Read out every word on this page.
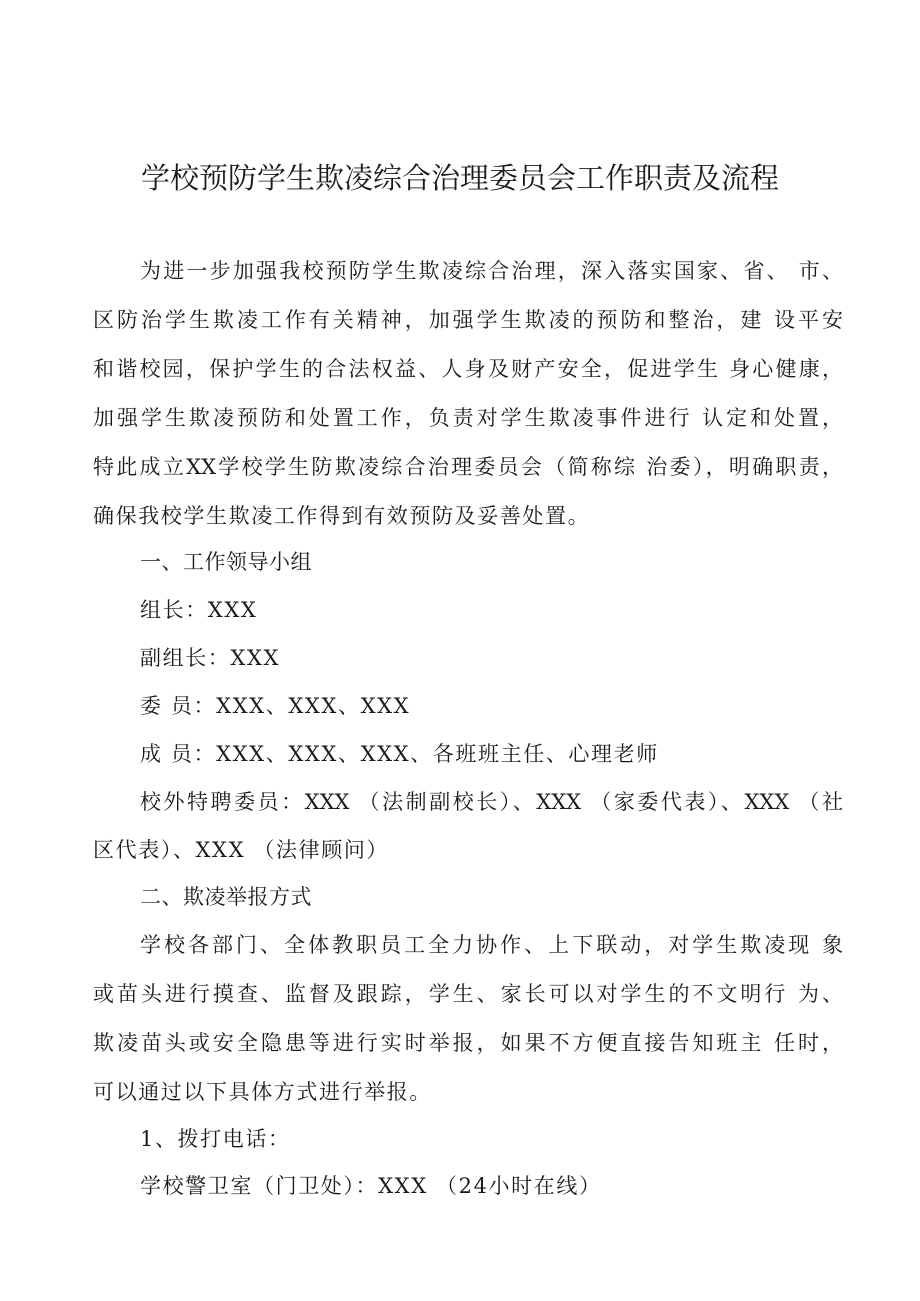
学校预防学生欺凌综合治理委员会工作职责及流程
为进一步加强我校预防学生欺凌综合治理，深入落实国家、省、 市、
区防治学生欺凌工作有关精神，加强学生欺凌的预防和整治，建 设平安
和谐校园，保护学生的合法权益、人身及财产安全，促进学生 身心健康，
加强学生欺凌预防和处置工作，负责对学生欺凌事件进行 认定和处置，
特此成立XX学校学生防欺凌综合治理委员会（简称综 治委），明确职责，
确保我校学生欺凌工作得到有效预防及妥善处置。
一、工作领导小组
组长：XXX
副组长：XXX
委 员：XXX、XXX、XXX
成 员：XXX、XXX、XXX、各班班主任、心理老师
校外特聘委员：XXX （法制副校长）、XXX （家委代表）、XXX （社
区代表）、XXX （法律顾问）
二、欺凌举报方式
学校各部门、全体教职员工全力协作、上下联动，对学生欺凌现 象
或苗头进行摸查、监督及跟踪，学生、家长可以对学生的不文明行 为、
欺凌苗头或安全隐患等进行实时举报，如果不方便直接告知班主 任时，
可以通过以下具体方式进行举报。
1、拨打电话：
学校警卫室（门卫处）：XXX （24小时在线）
